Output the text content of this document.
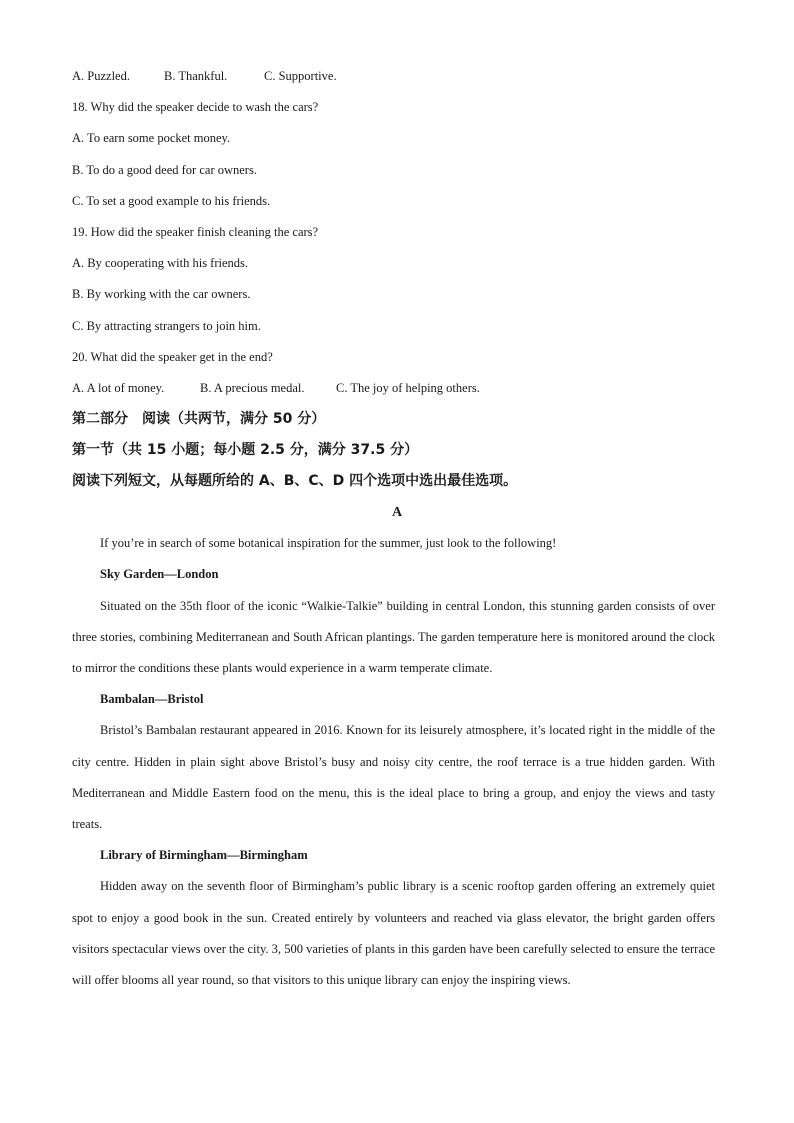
A. Puzzled.	B. Thankful.	C. Supportive.
18. Why did the speaker decide to wash the cars?
A. To earn some pocket money.
B. To do a good deed for car owners.
C. To set a good example to his friends.
19. How did the speaker finish cleaning the cars?
A. By cooperating with his friends.
B. By working with the car owners.
C. By attracting strangers to join him.
20. What did the speaker get in the end?
A. A lot of money.	B. A precious medal.	C. The joy of helping others.
第二部分　阅读（共两节，满分 50 分）
第一节（共 15 小题；每小题 2.5 分，满分 37.5 分）
阅读下列短文，从每题所给的 A、B、C、D 四个选项中选出最佳选项。
A
If you’re in search of some botanical inspiration for the summer, just look to the following!
Sky Garden—London
Situated on the 35th floor of the iconic “Walkie-Talkie” building in central London, this stunning garden consists of over three stories, combining Mediterranean and South African plantings. The garden temperature here is monitored around the clock to mirror the conditions these plants would experience in a warm temperate climate.
Bambalan—Bristol
Bristol’s Bambalan restaurant appeared in 2016. Known for its leisurely atmosphere, it’s located right in the middle of the city centre. Hidden in plain sight above Bristol’s busy and noisy city centre, the roof terrace is a true hidden garden. With Mediterranean and Middle Eastern food on the menu, this is the ideal place to bring a group, and enjoy the views and tasty treats.
Library of Birmingham—Birmingham
Hidden away on the seventh floor of Birmingham’s public library is a scenic rooftop garden offering an extremely quiet spot to enjoy a good book in the sun. Created entirely by volunteers and reached via glass elevator, the bright garden offers visitors spectacular views over the city. 3, 500 varieties of plants in this garden have been carefully selected to ensure the terrace will offer blooms all year round, so that visitors to this unique library can enjoy the inspiring views.
